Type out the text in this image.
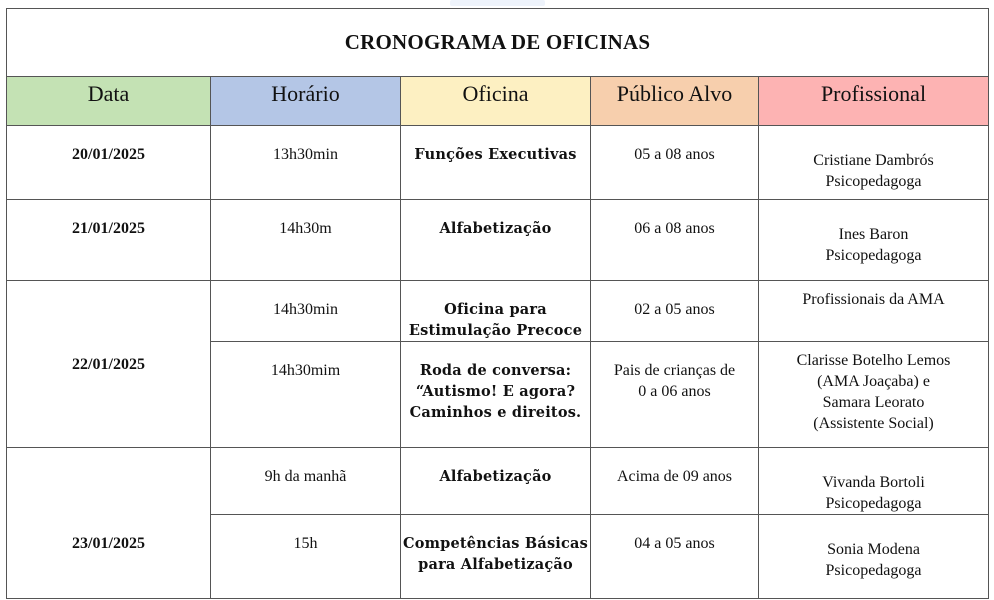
CRONOGRAMA DE OFICINAS				
Data	Horário	Oficina	Público Alvo	Profissional
20/01/2025	13h30min	Funções Executivas	05 a 08 anos	Cristiane Dambrós
Psicopedagoga

21/01/2025	14h30m	Alfabetização	06 a 08 anos	Ines Baron
Psicopedagoga

22/01/2025	14h30min	Oficina para
Estimulação Precoce	02 a 05 anos	Profissionais da AMA

	14h30mim	Roda de conversa:
“Autismo! E agora?
Caminhos e direitos.	Pais de crianças de
0 a 06 anos	Clarisse Botelho Lemos
(AMA Joaçaba) e
Samara Leorato
(Assistente Social)

23/01/2025	9h da manhã	Alfabetização	Acima de 09 anos	Vivanda Bortoli
Psicopedagoga

	15h	Competências Básicas
para Alfabetização	04 a 05 anos	Sonia Modena
Psicopedagoga
